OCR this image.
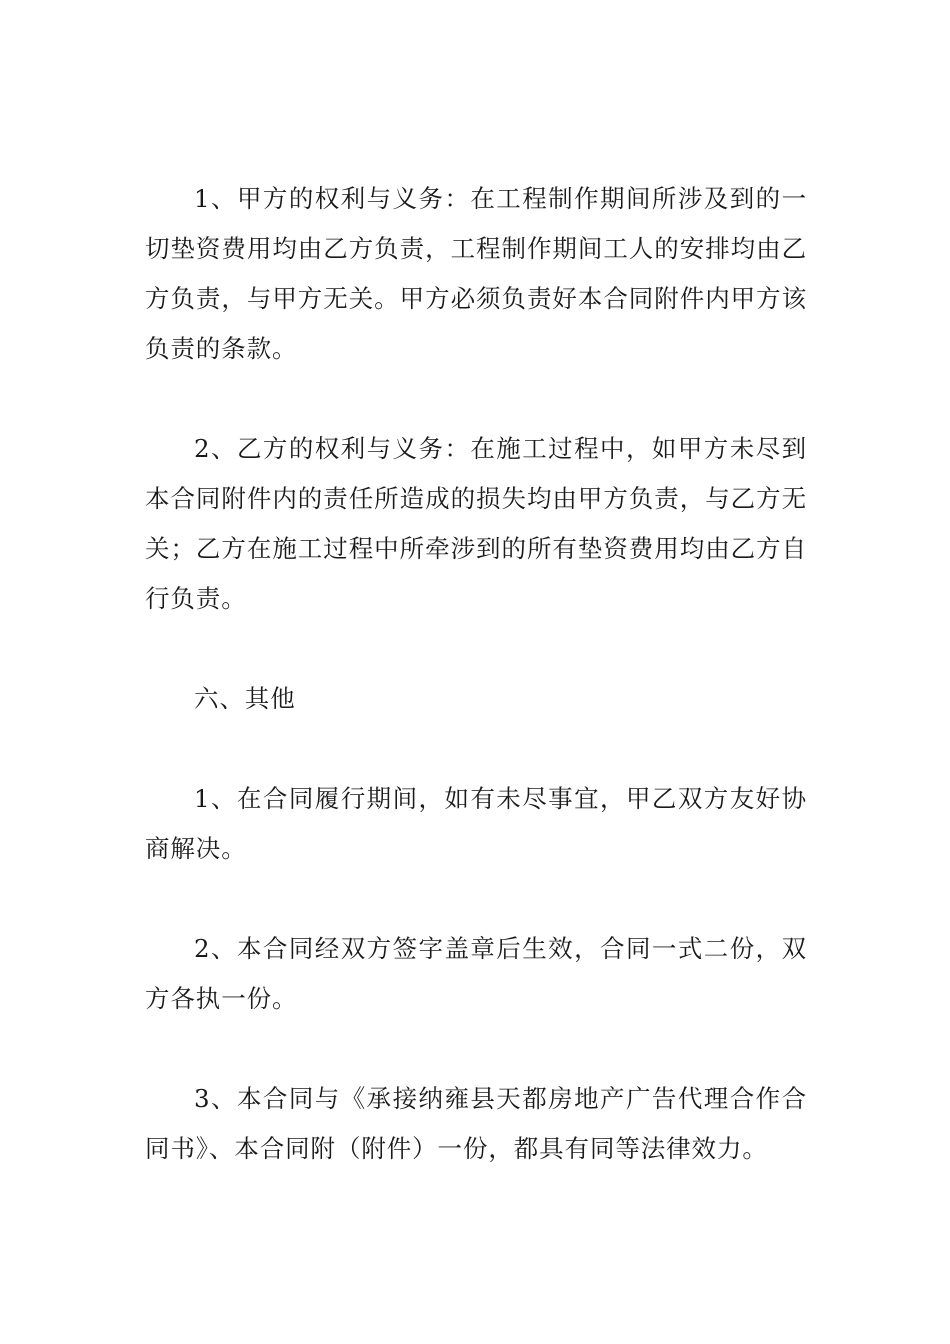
1、甲方的权利与义务：在工程制作期间所涉及到的一切垫资费用均由乙方负责，工程制作期间工人的安排均由乙方负责，与甲方无关。甲方必须负责好本合同附件内甲方该负责的条款。

2、乙方的权利与义务：在施工过程中，如甲方未尽到本合同附件内的责任所造成的损失均由甲方负责，与乙方无关；乙方在施工过程中所牵涉到的所有垫资费用均由乙方自行负责。

六、其他

1、在合同履行期间，如有未尽事宜，甲乙双方友好协商解决。

2、本合同经双方签字盖章后生效，合同一式二份，双方各执一份。

3、本合同与《承接纳雍县天都房地产广告代理合作合同书》、本合同附（附件）一份，都具有同等法律效力。
